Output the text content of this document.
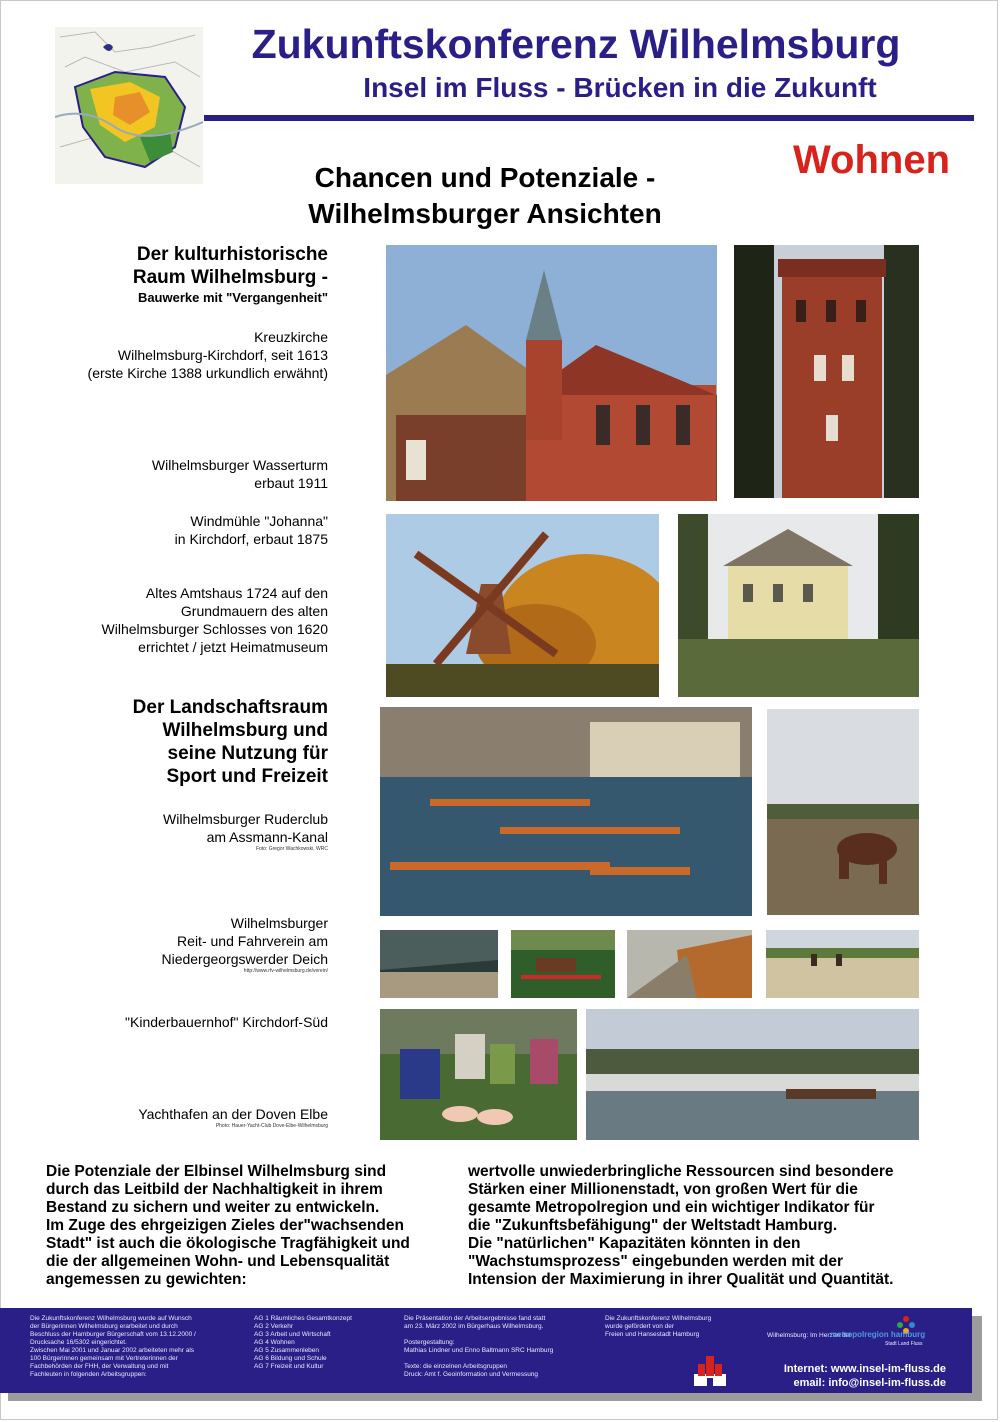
Zukunftskonferenz Wilhelmsburg
Insel im Fluss - Brücken in die Zukunft
Wohnen
Chancen und Potenziale -
Wilhelmsburger Ansichten
Der kulturhistorische
Raum Wilhelmsburg -
Bauwerke mit "Vergangenheit"
Kreuzkirche
Wilhelmsburg-Kirchdorf, seit 1613
(erste Kirche 1388 urkundlich erwähnt)
Wilhelmsburger Wasserturm
erbaut 1911
Windmühle "Johanna"
in Kirchdorf, erbaut 1875
Altes Amtshaus 1724 auf den
Grundmauern des alten
Wilhelmsburger Schlosses von 1620
errichtet / jetzt Heimatmuseum
Der Landschaftsraum
Wilhelmsburg und
seine Nutzung für
Sport und Freizeit
Wilhelmsburger Ruderclub
am Assmann-Kanal
Foto: Gregor Wachkowski, WRC
Wilhelmsburger
Reit- und Fahrverein am
Niedergeorgswerder Deich
http://www.rfv-wilhelmsburg.de/verein/
"Kinderbauernhof" Kirchdorf-Süd
Yachthafen an der Doven Elbe
Photo: Hauer-Yacht-Club Dove-Elbe-Wilhelmsburg
Die Potenziale der Elbinsel Wilhelmsburg sind
durch das Leitbild der Nachhaltigkeit in ihrem
Bestand zu sichern und weiter zu entwickeln.
Im Zuge des ehrgeizigen Zieles der"wachsenden
Stadt" ist auch die ökologische Tragfähigkeit und
die der allgemeinen Wohn- und Lebensqualität
angemessen zu gewichten:
wertvolle unwiederbringliche Ressourcen sind besondere
Stärken einer Millionenstadt, von großen Wert für die
gesamte Metropolregion und ein wichtiger Indikator für
die "Zukunftsbefähigung" der Weltstadt Hamburg.
Die "natürlichen" Kapazitäten könnten in den
"Wachstumsprozess" eingebunden werden mit der
Intension der Maximierung in ihrer Qualität und Quantität.
Die Zukunftskonferenz Wilhelmsburg wurde auf Wunsch
der Bürgerinnen Wilhelmsburg erarbeitet und durch
Beschluss der Hamburger Bürgerschaft vom 13.12.2000 /
Drucksache 16/5302 eingerichtet.
Zwischen Mai 2001 und Januar 2002 arbeiteten mehr als
100 Bürgerinnen gemeinsam mit Vertreterinnen der
Fachbehörden der FHH, der Verwaltung und mit
Fachleuten in folgenden Arbeitsgruppen:
AG 1 Räumliches Gesamtkonzept
AG 2 Verkehr
AG 3 Arbeit und Wirtschaft
AG 4 Wohnen
AG 5 Zusammenleben
AG 6 Bildung und Schule
AG 7 Freizeit und Kultur
Die Präsentation der Arbeitsergebnisse fand statt
am 23. März 2002 im Bürgerhaus Wilhelmsburg.
Postergestaltung:
Mathias Lindner und Enno Baltmann SRC Hamburg
Texte: die einzelnen Arbeitsgruppen
Druck: Amt f. Geoinformation und Vermessung
Die Zukunftskonferenz Wilhelmsburg
wurde gefördert von der
Freien und Hansestadt Hamburg	Wilhelmsburg: Im Herzen der
metropolregion hamburg
Stadt Land Fluss
Internet: www.insel-im-fluss.de
email: info@insel-im-fluss.de
